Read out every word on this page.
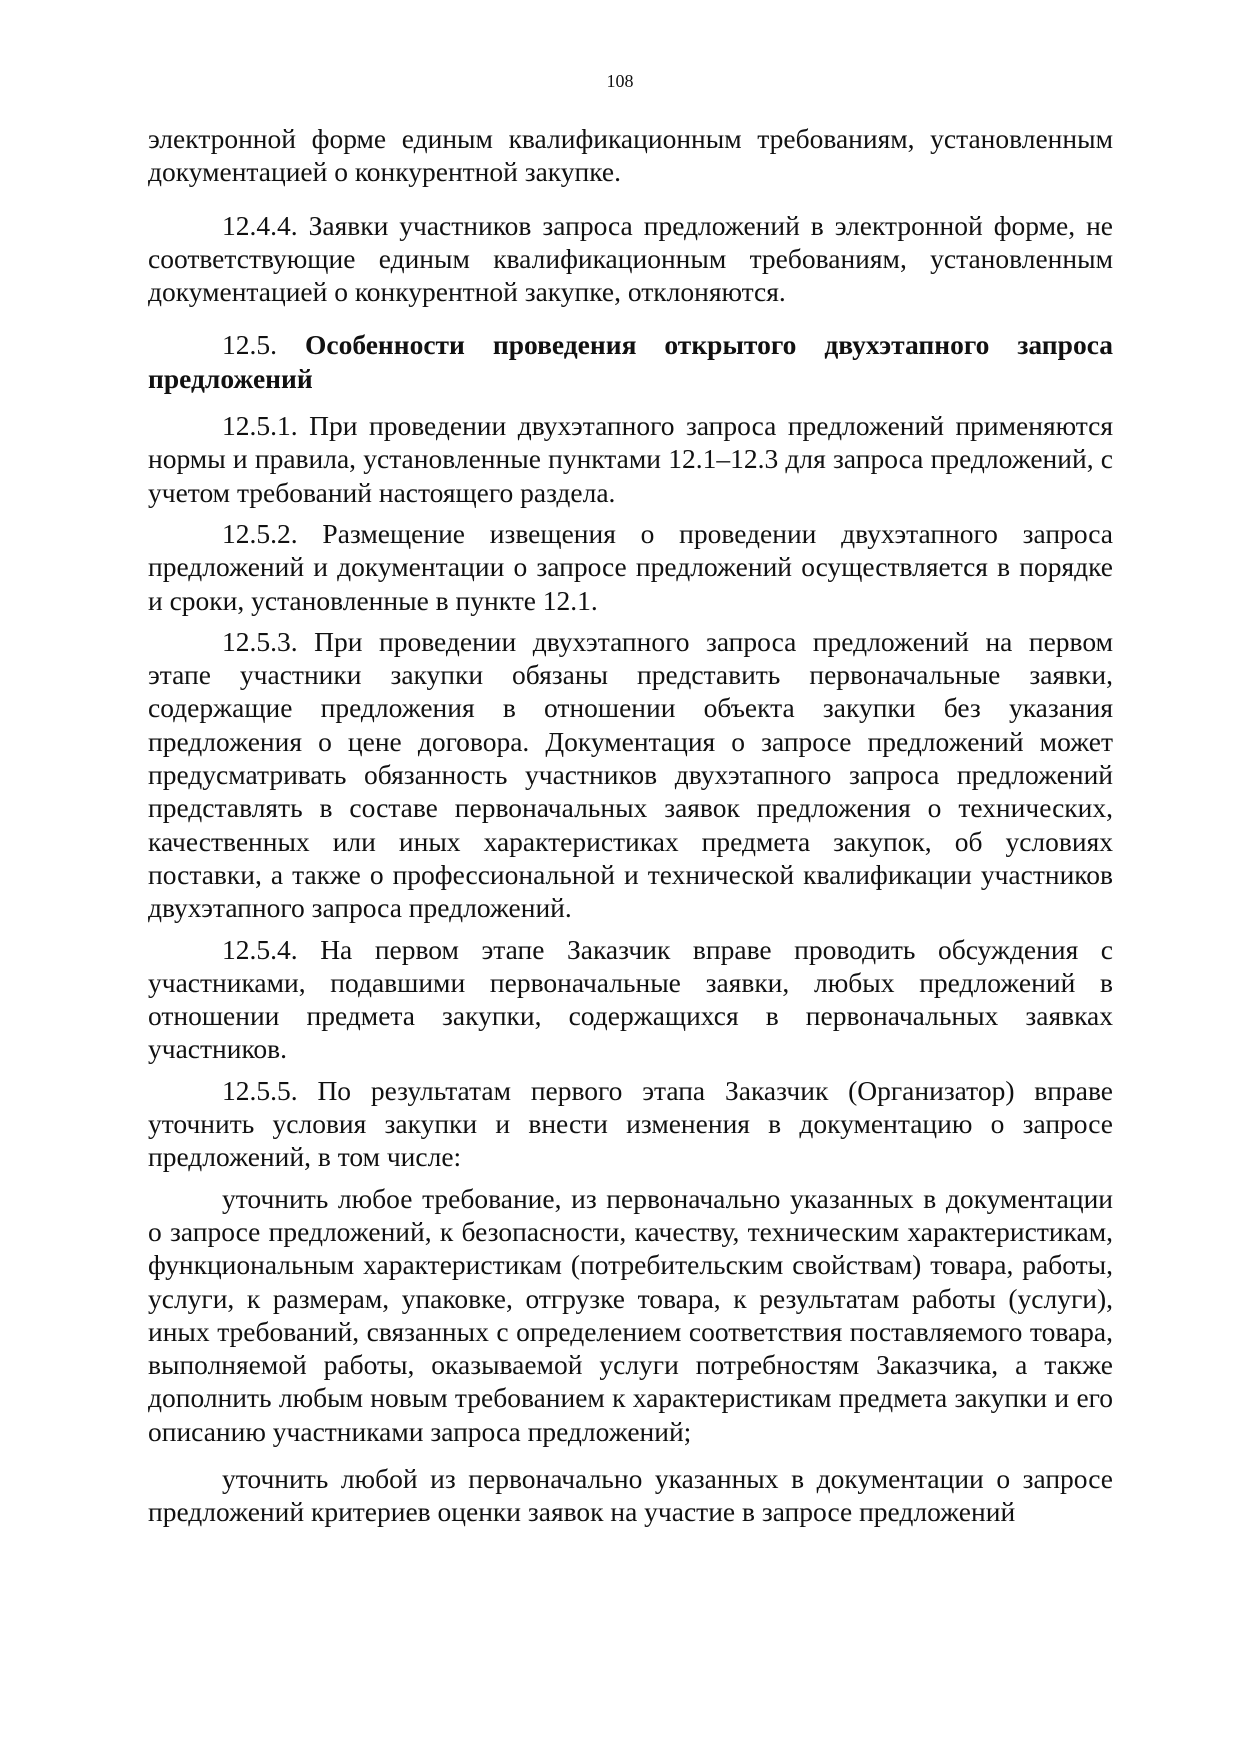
108

электронной форме единым квалификационным требованиям, установленным документацией о конкурентной закупке.

12.4.4. Заявки участников запроса предложений в электронной форме, не соответствующие единым квалификационным требованиям, установленным документацией о конкурентной закупке, отклоняются.

12.5. Особенности проведения открытого двухэтапного запроса предложений

12.5.1. При проведении двухэтапного запроса предложений применяются нормы и правила, установленные пунктами 12.1–12.3 для запроса предложений, с учетом требований настоящего раздела.

12.5.2. Размещение извещения о проведении двухэтапного запроса предложений и документации о запросе предложений осуществляется в порядке и сроки, установленные в пункте 12.1.

12.5.3. При проведении двухэтапного запроса предложений на первом этапе участники закупки обязаны представить первоначальные заявки, содержащие предложения в отношении объекта закупки без указания предложения о цене договора. Документация о запросе предложений может предусматривать обязанность участников двухэтапного запроса предложений представлять в составе первоначальных заявок предложения о технических, качественных или иных характеристиках предмета закупок, об условиях поставки, а также о профессиональной и технической квалификации участников двухэтапного запроса предложений.

12.5.4. На первом этапе Заказчик вправе проводить обсуждения с участниками, подавшими первоначальные заявки, любых предложений в отношении предмета закупки, содержащихся в первоначальных заявках участников.

12.5.5. По результатам первого этапа Заказчик (Организатор) вправе уточнить условия закупки и внести изменения в документацию о запросе предложений, в том числе:

уточнить любое требование, из первоначально указанных в документации о запросе предложений, к безопасности, качеству, техническим характеристикам, функциональным характеристикам (потребительским свойствам) товара, работы, услуги, к размерам, упаковке, отгрузке товара, к результатам работы (услуги), иных требований, связанных с определением соответствия поставляемого товара, выполняемой работы, оказываемой услуги потребностям Заказчика, а также дополнить любым новым требованием к характеристикам предмета закупки и его описанию участниками запроса предложений;

уточнить любой из первоначально указанных в документации о запросе предложений критериев оценки заявок на участие в запросе предложений
